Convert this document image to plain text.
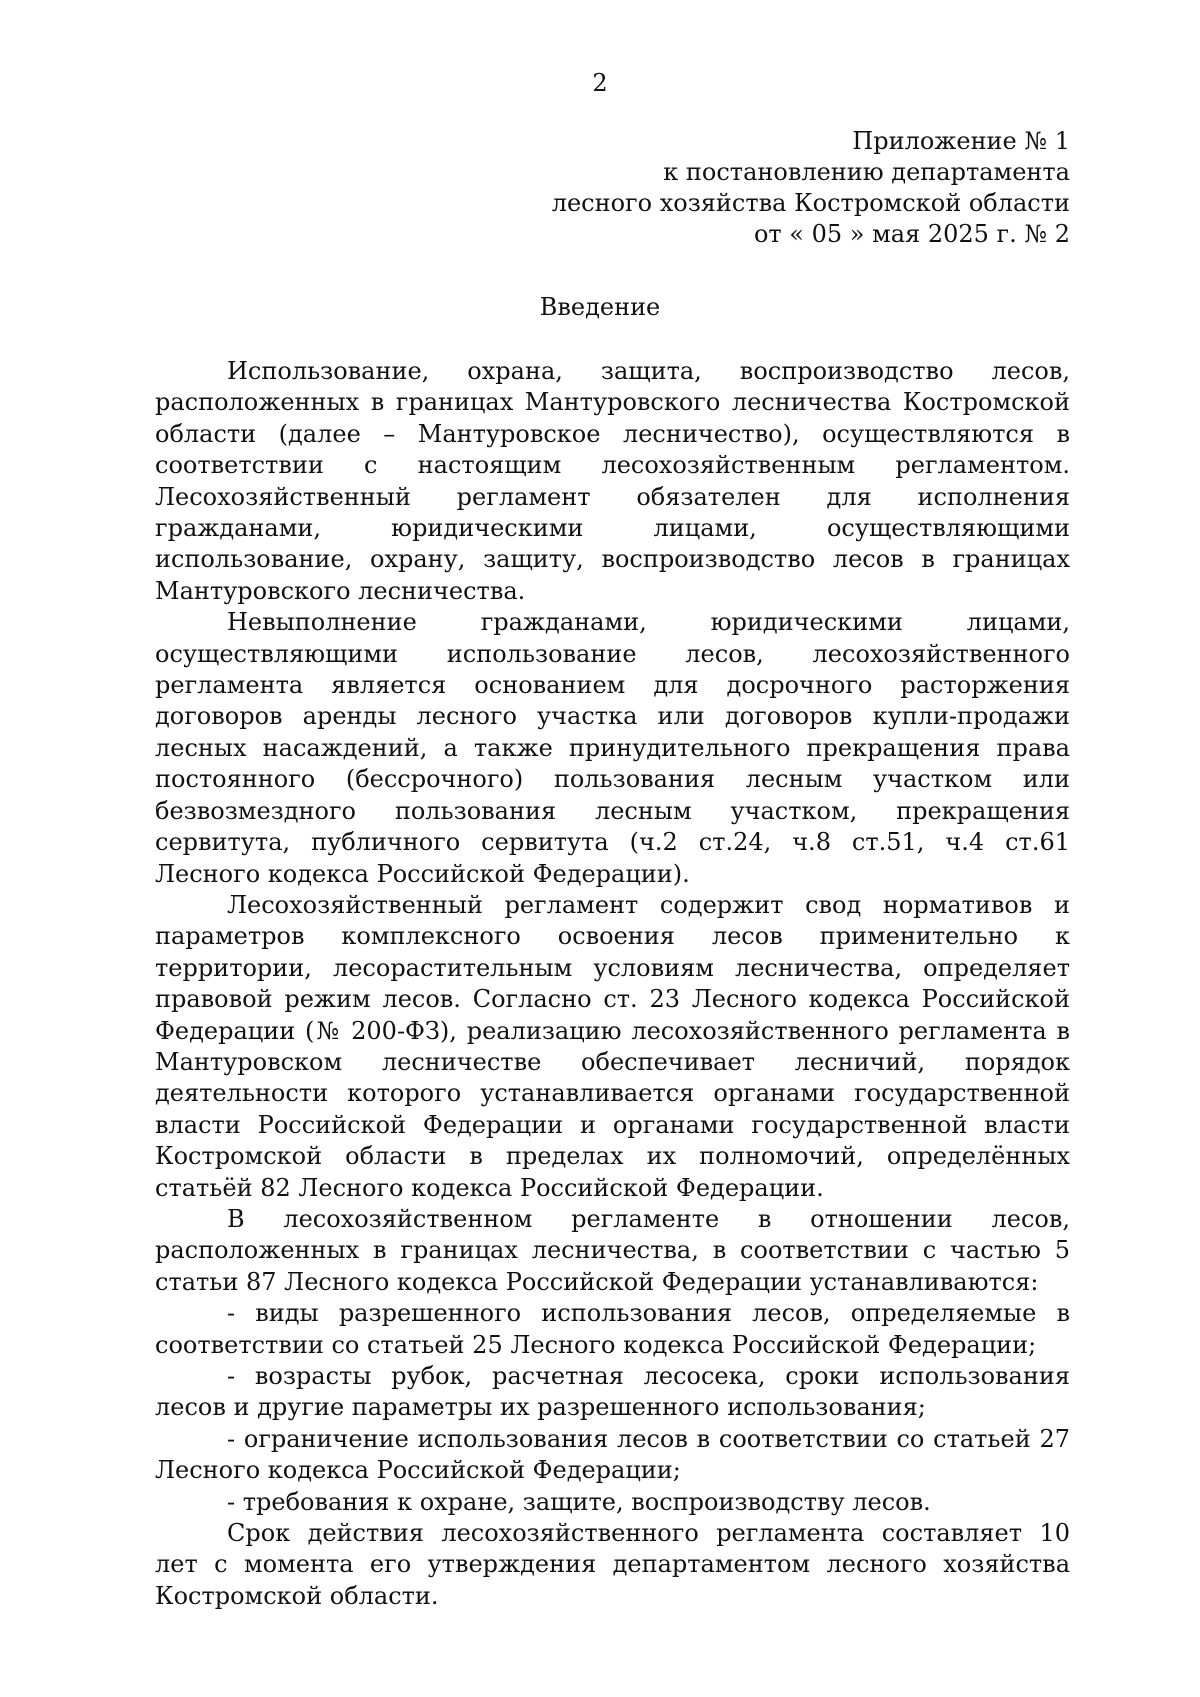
2
Приложение № 1
к постановлению департамента
лесного хозяйства Костромской области
от « 05 » мая 2025 г. № 2
Введение

Использование, охрана, защита, воспроизводство лесов, расположенных в границах Мантуровского лесничества Костромской области (далее – Мантуровское лесничество), осуществляются в соответствии с настоящим лесохозяйственным регламентом. Лесохозяйственный регламент обязателен для исполнения гражданами, юридическими лицами, осуществляющими использование, охрану, защиту, воспроизводство лесов в границах Мантуровского лесничества.

Невыполнение гражданами, юридическими лицами, осуществляющими использование лесов, лесохозяйственного регламента является основанием для досрочного расторжения договоров аренды лесного участка или договоров купли-продажи лесных насаждений, а также принудительного прекращения права постоянного (бессрочного) пользования лесным участком или безвозмездного пользования лесным участком, прекращения сервитута, публичного сервитута (ч.2 ст.24, ч.8 ст.51, ч.4 ст.61 Лесного кодекса Российской Федерации).

Лесохозяйственный регламент содержит свод нормативов и параметров комплексного освоения лесов применительно к территории, лесорастительным условиям лесничества, определяет правовой режим лесов. Согласно ст. 23 Лесного кодекса Российской Федерации (№ 200-ФЗ), реализацию лесохозяйственного регламента в Мантуровском лесничестве обеспечивает лесничий, порядок деятельности которого устанавливается органами государственной власти Российской Федерации и органами государственной власти Костромской области в пределах их полномочий, определённых статьёй 82 Лесного кодекса Российской Федерации.

В лесохозяйственном регламенте в отношении лесов, расположенных в границах лесничества, в соответствии с частью 5 статьи 87 Лесного кодекса Российской Федерации устанавливаются:

- виды разрешенного использования лесов, определяемые в соответствии со статьей 25 Лесного кодекса Российской Федерации;

- возрасты рубок, расчетная лесосека, сроки использования лесов и другие параметры их разрешенного использования;

- ограничение использования лесов в соответствии со статьей 27 Лесного кодекса Российской Федерации;

- требования к охране, защите, воспроизводству лесов.

Срок действия лесохозяйственного регламента составляет 10 лет с момента его утверждения департаментом лесного хозяйства Костромской области.
